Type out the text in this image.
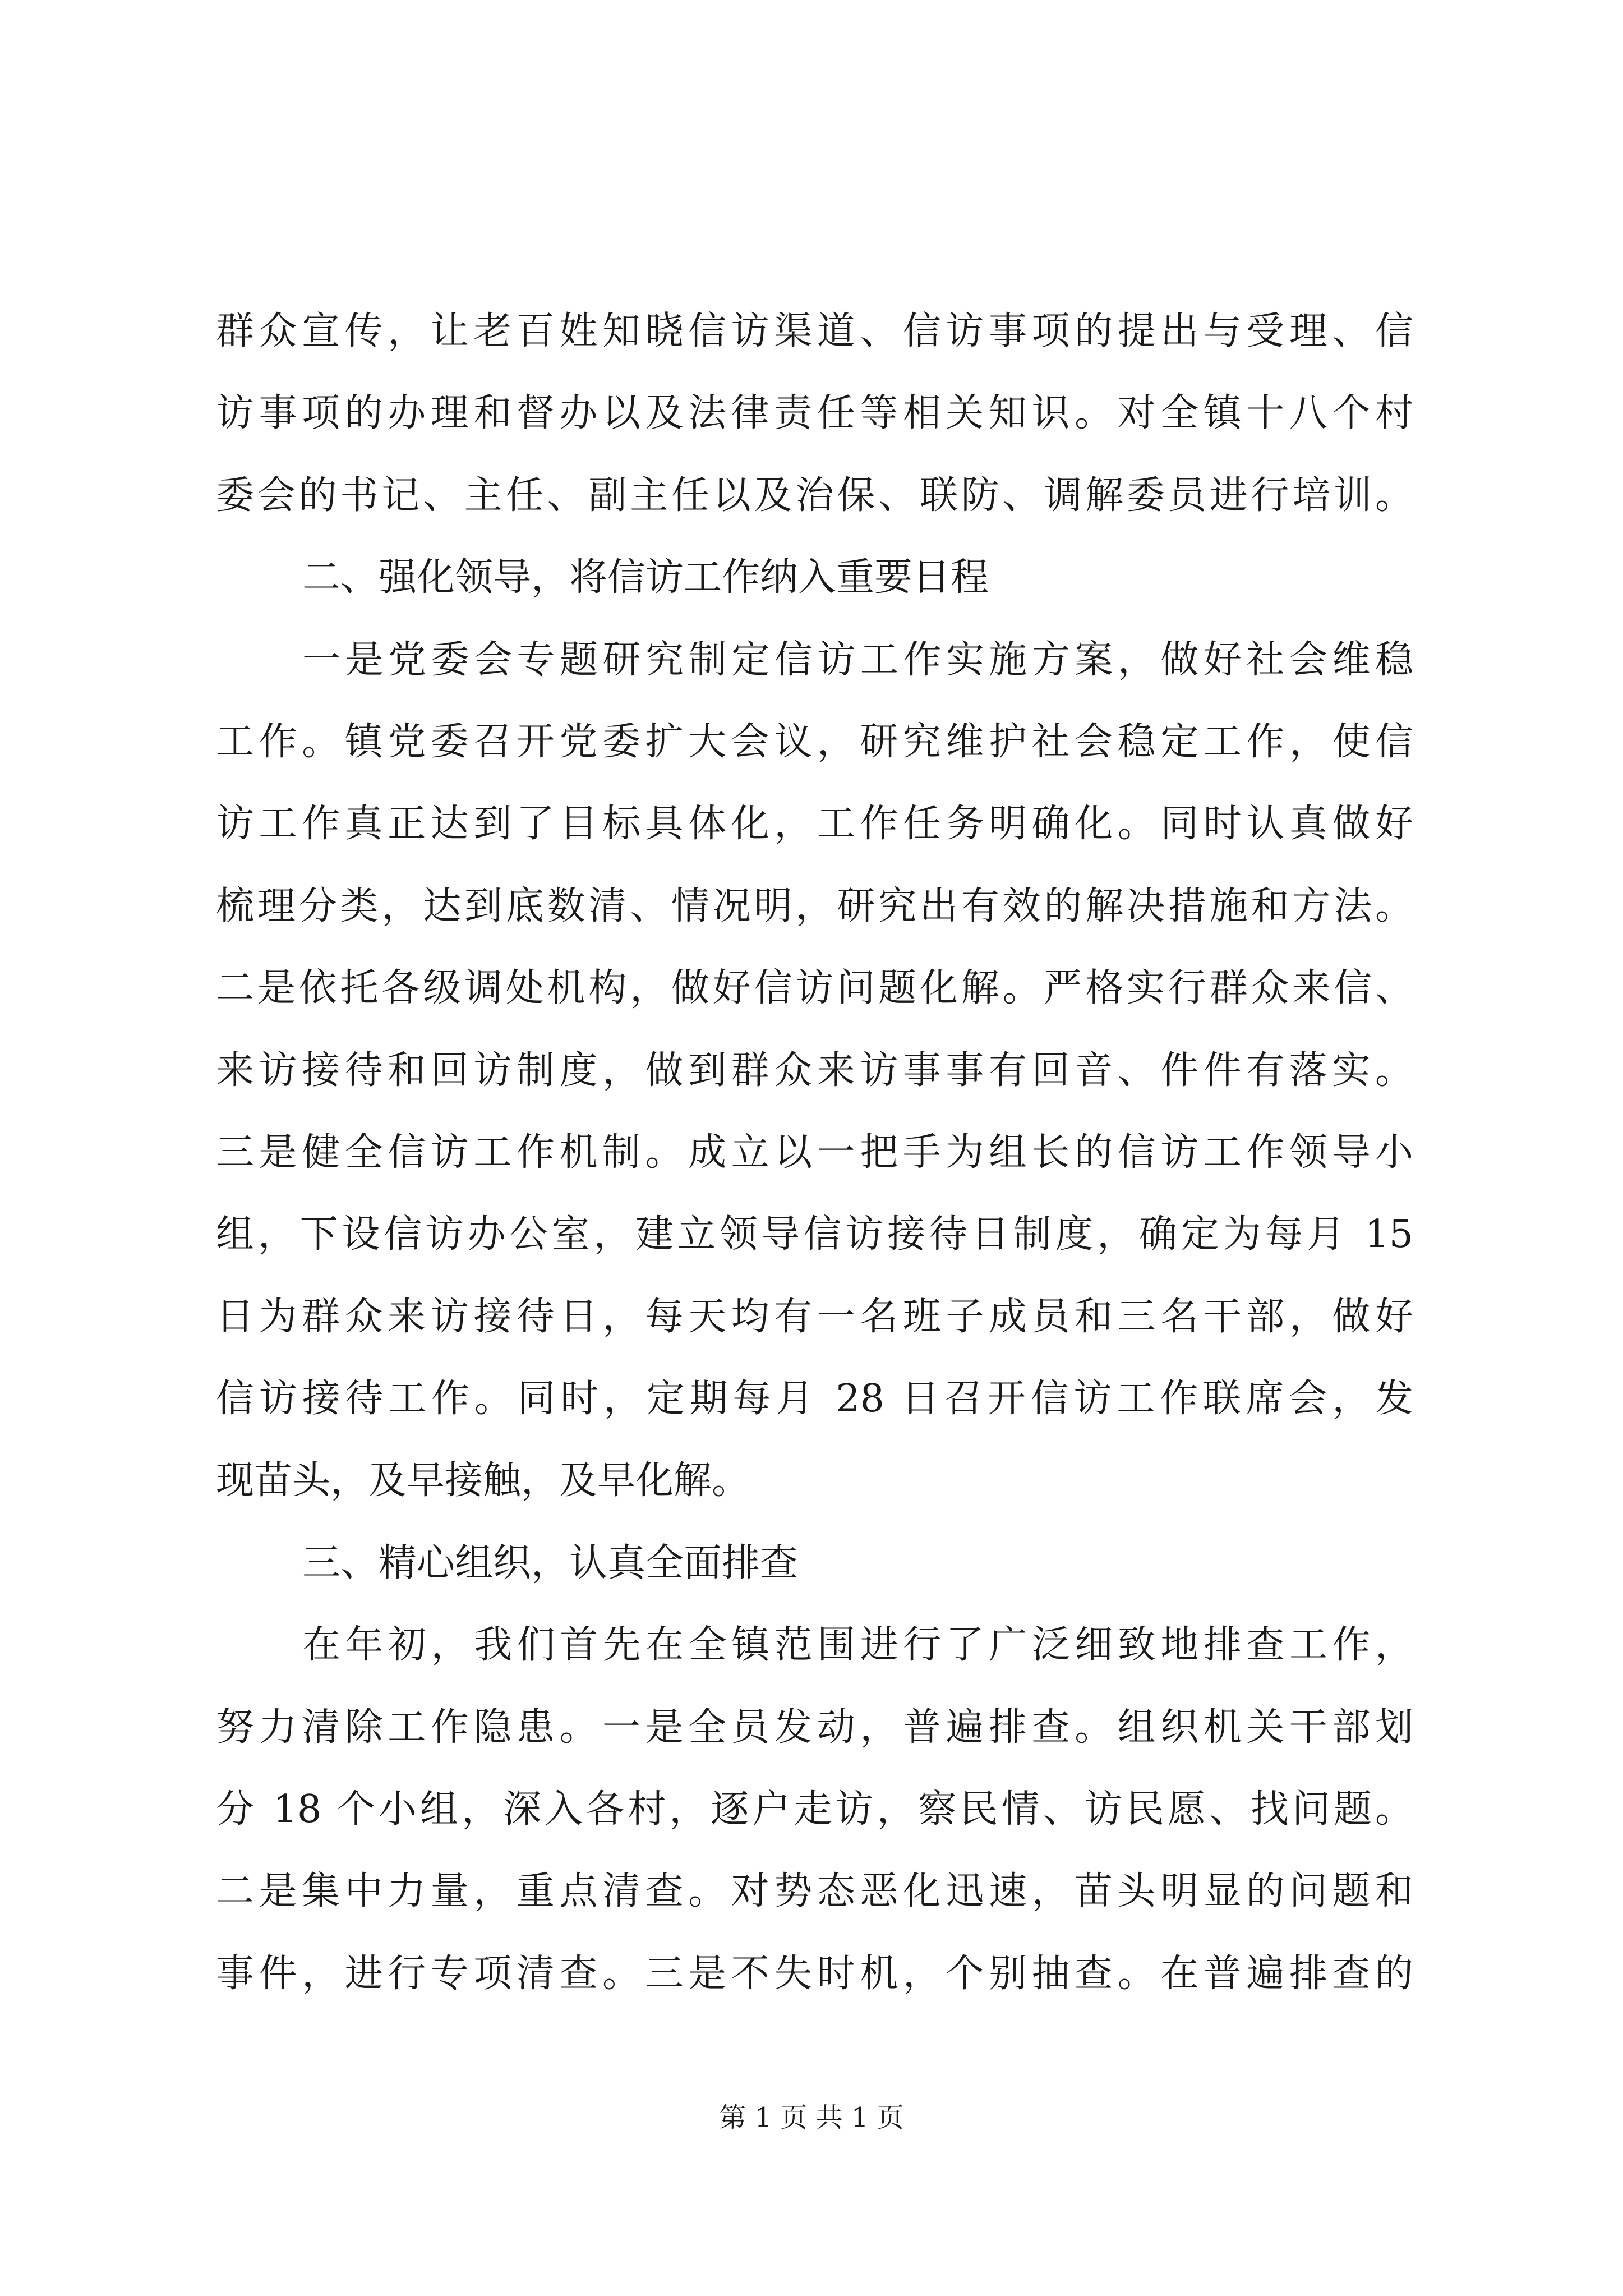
群众宣传，让老百姓知晓信访渠道、信访事项的提出与受理、信
访事项的办理和督办以及法律责任等相关知识。对全镇十八个村
委会的书记、主任、副主任以及治保、联防、调解委员进行培训。
二、强化领导，将信访工作纳入重要日程
一是党委会专题研究制定信访工作实施方案，做好社会维稳
工作。镇党委召开党委扩大会议，研究维护社会稳定工作，使信
访工作真正达到了目标具体化，工作任务明确化。同时认真做好
梳理分类，达到底数清、情况明，研究出有效的解决措施和方法。
二是依托各级调处机构，做好信访问题化解。严格实行群众来信、
来访接待和回访制度，做到群众来访事事有回音、件件有落实。
三是健全信访工作机制。成立以一把手为组长的信访工作领导小
组，下设信访办公室，建立领导信访接待日制度，确定为每月 15
日为群众来访接待日，每天均有一名班子成员和三名干部，做好
信访接待工作。同时，定期每月 28 日召开信访工作联席会，发
现苗头，及早接触，及早化解。
三、精心组织，认真全面排查
在年初，我们首先在全镇范围进行了广泛细致地排查工作，
努力清除工作隐患。一是全员发动，普遍排查。组织机关干部划
分 18 个小组，深入各村，逐户走访，察民情、访民愿、找问题。
二是集中力量，重点清查。对势态恶化迅速，苗头明显的问题和
事件，进行专项清查。三是不失时机，个别抽查。在普遍排查的
第 1 页 共 1 页
